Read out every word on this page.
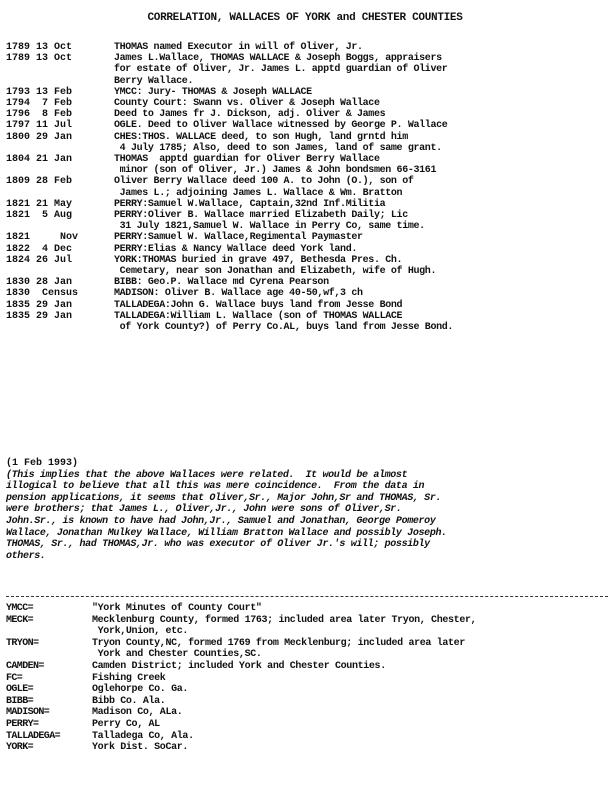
CORRELATION, WALLACES OF YORK and CHESTER COUNTIES
1789 13 Oct	THOMAS named Executor in will of Oliver, Jr.
1789 13 Oct	James L.Wallace, THOMAS WALLACE & Joseph Boggs, appraisers
for estate of Oliver, Jr. James L. apptd guardian of Oliver
Berry Wallace.
1793 13 Feb	YMCC: Jury- THOMAS & Joseph WALLACE
1794  7 Feb	County Court: Swann vs. Oliver & Joseph Wallace
1796  8 Feb	Deed to James fr J. Dickson, adj. Oliver & James
1797 11 Jul	OGLE. Deed to Oliver Wallace witnessed by George P. Wallace
1800 29 Jan	CHES:THOS. WALLACE deed, to son Hugh, land grntd him
4 July 1785; Also, deed to son James, land of same grant.
1804 21 Jan	THOMAS  apptd guardian for Oliver Berry Wallace
minor (son of Oliver, Jr.) James & John bondsmen 66-3161
1809 28 Feb	Oliver Berry Wallace deed 100 A. to John (O.), son of
James L.; adjoining James L. Wallace & Wm. Bratton
1821 21 May	PERRY:Samuel W.Wallace, Captain,32nd Inf.Militia
1821  5 Aug	PERRY:Oliver B. Wallace married Elizabeth Daily; Lic
31 July 1821,Samuel W. Wallace in Perry Co, same time.
1821     Nov	PERRY:Samuel W. Wallace,Regimental Paymaster
1822  4 Dec	PERRY:Elias & Nancy Wallace deed York land.
1824 26 Jul	YORK:THOMAS buried in grave 497, Bethesda Pres. Ch.
Cemetary, near son Jonathan and Elizabeth, wife of Hugh.
1830 28 Jan	BIBB: Geo.P. Wallace md Cyrena Pearson
1830  Census	MADISON: Oliver B. Wallace age 40-50,wf,3 ch
1835 29 Jan	TALLADEGA:John G. Wallace buys land from Jesse Bond
1835 29 Jan	TALLADEGA:William L. Wallace (son of THOMAS WALLACE
of York County?) of Perry Co.AL, buys land from Jesse Bond.
(1 Feb 1993)
(This implies that the above Wallaces were related.  It would be almost
illogical to believe that all this was mere coincidence.  From the data in
pension applications, it seems that Oliver,Sr., Major John,Sr and THOMAS, Sr.
were brothers; that James L., Oliver,Jr., John were sons of Oliver,Sr.
John.Sr., is known to have had John,Jr., Samuel and Jonathan, George Pomeroy
Wallace, Jonathan Mulkey Wallace, William Bratton Wallace and possibly Joseph.
THOMAS, Sr., had THOMAS,Jr. who was executor of Oliver Jr.'s will; possibly
others.
YMCC=	"York Minutes of County Court"
MECK=	Mecklenburg County, formed 1763; included area later Tryon, Chester,
York,Union, etc.
TRYON=	Tryon County,NC, formed 1769 from Mecklenburg; included area later
York and Chester Counties,SC.
CAMDEN=	Camden District; included York and Chester Counties.
FC=	Fishing Creek
OGLE=	Oglehorpe Co. Ga.
BIBB=	Bibb Co. Ala.
MADISON=	Madison Co, ALa.
PERRY=	Perry Co, AL
TALLADEGA=	Talladega Co, Ala.
YORK=	York Dist. SoCar.
